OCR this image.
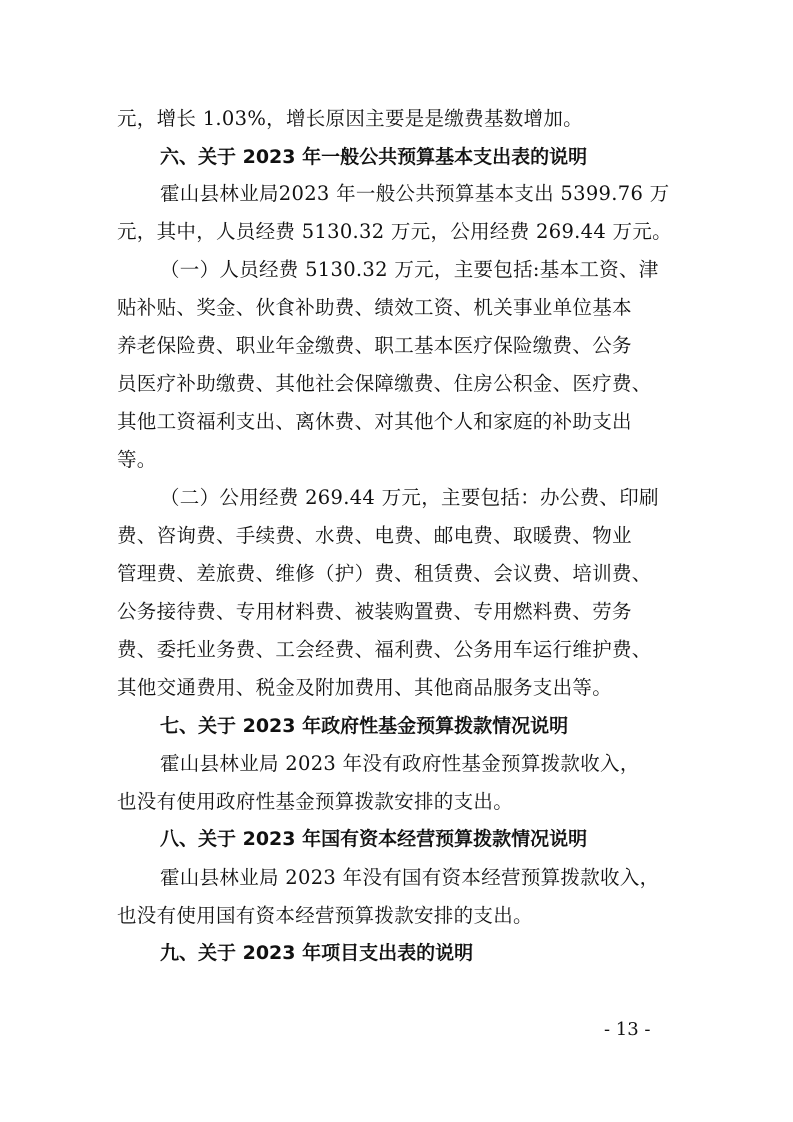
元，增长 1.03%，增长原因主要是是缴费基数增加。
六、关于 2023 年一般公共预算基本支出表的说明
霍山县林业局2023 年一般公共预算基本支出 5399.76 万
元，其中，人员经费 5130.32 万元，公用经费 269.44 万元。
（一）人员经费 5130.32 万元，主要包括:基本工资、津
贴补贴、奖金、伙食补助费、绩效工资、机关事业单位基本
养老保险费、职业年金缴费、职工基本医疗保险缴费、公务
员医疗补助缴费、其他社会保障缴费、住房公积金、医疗费、
其他工资福利支出、离休费、对其他个人和家庭的补助支出
等。
（二）公用经费 269.44 万元，主要包括：办公费、印刷
费、咨询费、手续费、水费、电费、邮电费、取暖费、物业
管理费、差旅费、维修（护）费、租赁费、会议费、培训费、
公务接待费、专用材料费、被装购置费、专用燃料费、劳务
费、委托业务费、工会经费、福利费、公务用车运行维护费、
其他交通费用、税金及附加费用、其他商品服务支出等。
七、关于 2023 年政府性基金预算拨款情况说明
霍山县林业局 2023 年没有政府性基金预算拨款收入，
也没有使用政府性基金预算拨款安排的支出。
八、关于 2023 年国有资本经营预算拨款情况说明
霍山县林业局 2023 年没有国有资本经营预算拨款收入，
也没有使用国有资本经营预算拨款安排的支出。
九、关于 2023 年项目支出表的说明
- 13 -
